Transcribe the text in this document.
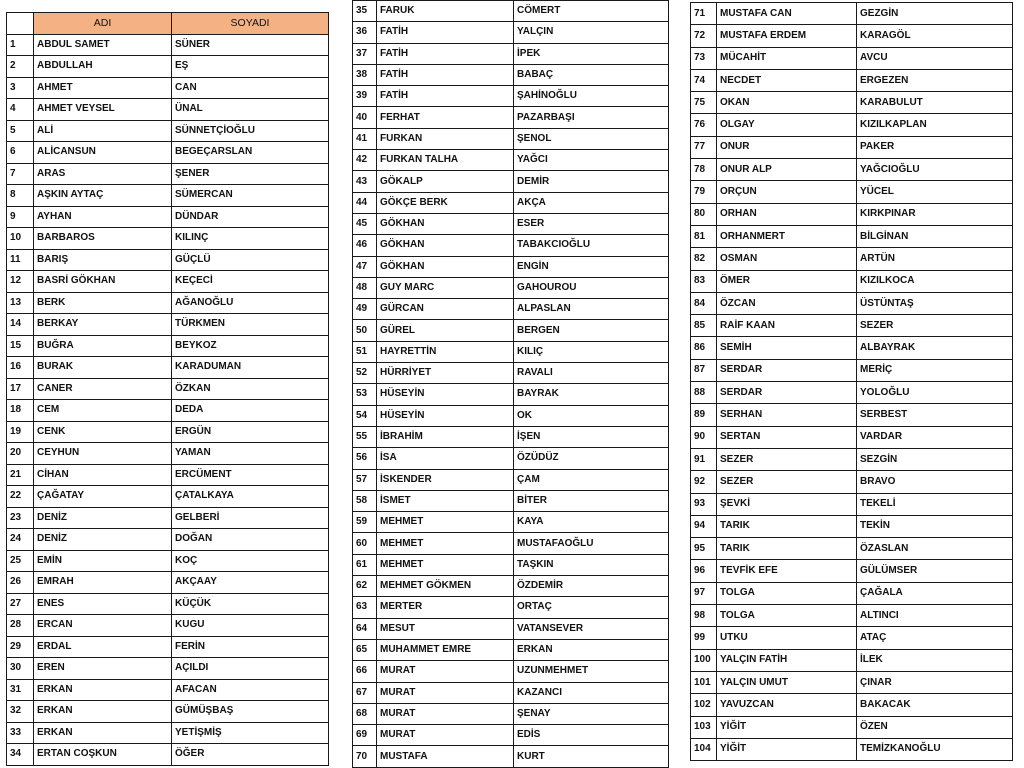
	ADI	SOYADI
1	ABDUL SAMET	SÜNER
2	ABDULLAH	EŞ
3	AHMET	CAN
4	AHMET VEYSEL	ÜNAL
5	ALİ	SÜNNETÇİOĞLU
6	ALİCANSUN	BEGEÇARSLAN
7	ARAS	ŞENER
8	AŞKIN AYTAÇ	SÜMERCAN
9	AYHAN	DÜNDAR
10	BARBAROS	KILINÇ
11	BARIŞ	GÜÇLÜ
12	BASRİ GÖKHAN	KEÇECİ
13	BERK	AĞANOĞLU
14	BERKAY	TÜRKMEN
15	BUĞRA	BEYKOZ
16	BURAK	KARADUMAN
17	CANER	ÖZKAN
18	CEM	DEDA
19	CENK	ERGÜN
20	CEYHUN	YAMAN
21	CİHAN	ERCÜMENT
22	ÇAĞATAY	ÇATALKAYA
23	DENİZ	GELBERİ
24	DENİZ	DOĞAN
25	EMİN	KOÇ
26	EMRAH	AKÇAAY
27	ENES	KÜÇÜK
28	ERCAN	KUGU
29	ERDAL	FERİN
30	EREN	AÇILDI
31	ERKAN	AFACAN
32	ERKAN	GÜMÜŞBAŞ
33	ERKAN	YETİŞMİŞ
34	ERTAN COŞKUN	ÖĞER
35	FARUK	CÖMERT
36	FATİH	YALÇIN
37	FATİH	İPEK
38	FATİH	BABAÇ
39	FATİH	ŞAHİNOĞLU
40	FERHAT	PAZARBAŞI
41	FURKAN	ŞENOL
42	FURKAN TALHA	YAĞCI
43	GÖKALP	DEMİR
44	GÖKÇE BERK	AKÇA
45	GÖKHAN	ESER
46	GÖKHAN	TABAKCIOĞLU
47	GÖKHAN	ENGİN
48	GUY MARC	GAHOUROU
49	GÜRCAN	ALPASLAN
50	GÜREL	BERGEN
51	HAYRETTİN	KILIÇ
52	HÜRRİYET	RAVALI
53	HÜSEYİN	BAYRAK
54	HÜSEYİN	OK
55	İBRAHİM	İŞEN
56	İSA	ÖZÜDÜZ
57	İSKENDER	ÇAM
58	İSMET	BİTER
59	MEHMET	KAYA
60	MEHMET	MUSTAFAOĞLU
61	MEHMET	TAŞKIN
62	MEHMET GÖKMEN	ÖZDEMİR
63	MERTER	ORTAÇ
64	MESUT	VATANSEVER
65	MUHAMMET EMRE	ERKAN
66	MURAT	UZUNMEHMET
67	MURAT	KAZANCI
68	MURAT	ŞENAY
69	MURAT	EDİS
70	MUSTAFA	KURT
71	MUSTAFA CAN	GEZGİN
72	MUSTAFA ERDEM	KARAGÖL
73	MÜCAHİT	AVCU
74	NECDET	ERGEZEN
75	OKAN	KARABULUT
76	OLGAY	KIZILKAPLAN
77	ONUR	PAKER
78	ONUR ALP	YAĞCIOĞLU
79	ORÇUN	YÜCEL
80	ORHAN	KIRKPINAR
81	ORHANMERT	BİLGİNAN
82	OSMAN	ARTÜN
83	ÖMER	KIZILKOCA
84	ÖZCAN	ÜSTÜNTAŞ
85	RAİF KAAN	SEZER
86	SEMİH	ALBAYRAK
87	SERDAR	MERİÇ
88	SERDAR	YOLOĞLU
89	SERHAN	SERBEST
90	SERTAN	VARDAR
91	SEZER	SEZGİN
92	SEZER	BRAVO
93	ŞEVKİ	TEKELİ
94	TARIK	TEKİN
95	TARIK	ÖZASLAN
96	TEVFİK EFE	GÜLÜMSER
97	TOLGA	ÇAĞALA
98	TOLGA	ALTINCI
99	UTKU	ATAÇ
100	YALÇIN FATİH	İLEK
101	YALÇIN UMUT	ÇINAR
102	YAVUZCAN	BAKACAK
103	YİĞİT	ÖZEN
104	YİĞİT	TEMİZKANOĞLU
